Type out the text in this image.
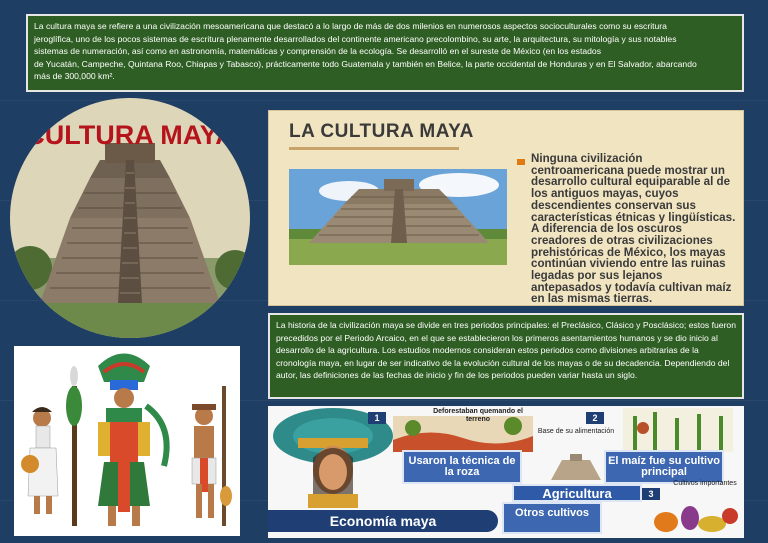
La cultura maya se refiere a una civilización mesoamericana que destacó a lo largo de más de dos milenios en numerosos aspectos socioculturales como su escritura
jeroglífica, uno de los pocos sistemas de escritura plenamente desarrollados del continente americano precolombino, su arte, la arquitectura, su mitología y sus notables
sistemas de numeración, así como en astronomía, matemáticas y comprensión de la ecología. Se desarrolló en el sureste de México (en los estados
de Yucatán, Campeche, Quintana Roo, Chiapas y Tabasco), prácticamente todo Guatemala y también en Belice, la parte occidental de Honduras y en El Salvador, abarcando
más de 300,000 km².
CULTURA MAYA	LA CULTURA MAYA
Ninguna civilización centroamericana puede mostrar un desarrollo cultural equiparable al de los antiguos mayas, cuyos descendientes conservan sus características étnicas y lingüísticas. A diferencia de los oscuros creadores de otras civilizaciones prehistóricas de México, los mayas continúan viviendo entre las ruinas legadas por sus lejanos antepasados y todavía cultivan maíz en las mismas tierras.
La historia de la civilización maya se divide en tres periodos principales: el Preclásico, Clásico y Posclásico; estos fueron precedidos por el Periodo Arcaico, en el que se establecieron los primeros asentamientos humanos y se dio inicio al desarrollo de la agricultura. Los estudios modernos consideran estos periodos como divisiones arbitrarias de la cronología maya, en lugar de ser indicativo de la evolución cultural de los mayas o de su decadencia. Dependiendo del autor, las definiciones de las fechas de inicio y fin de los periodos pueden variar hasta un siglo.
1	2
3
Deforestaban quemando el terreno
Base de su alimentación
Usaron la técnica de la roza
El maíz fue su cultivo principal
Agricultura
Otros cultivos
Cultivos importantes
Economía maya
